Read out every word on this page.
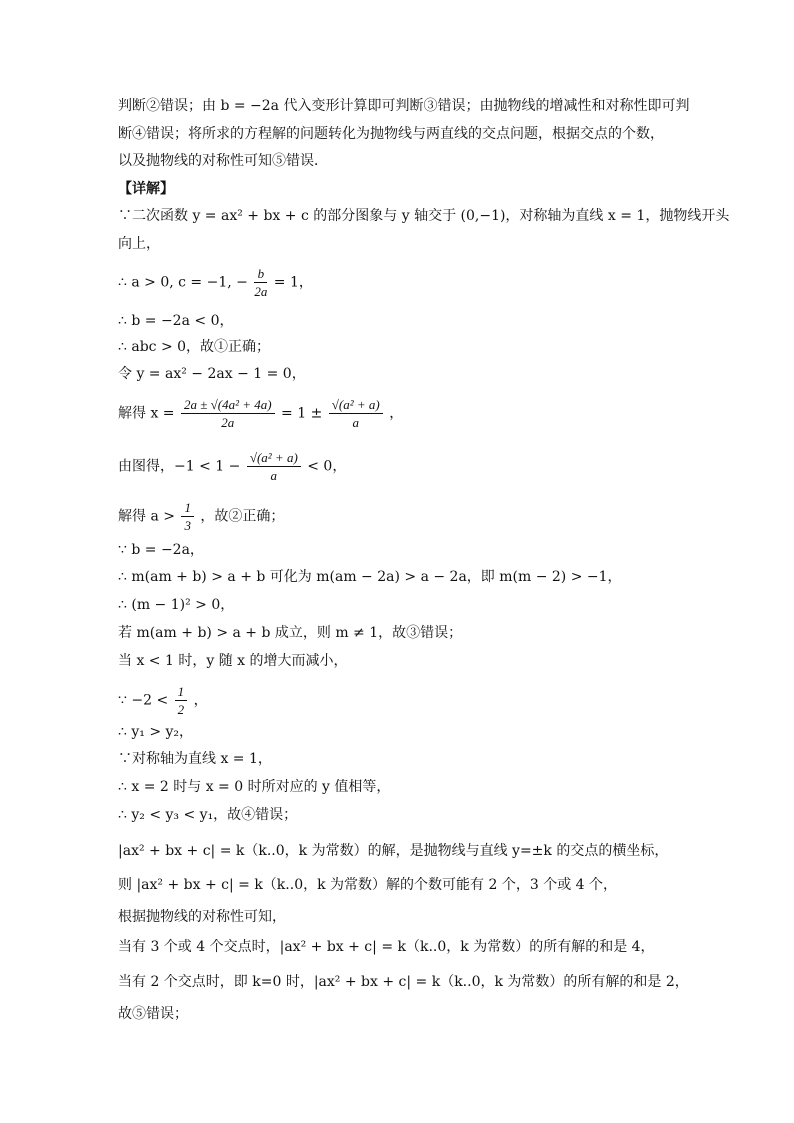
判断②错误；由 b = −2a 代入变形计算即可判断③错误；由抛物线的增减性和对称性即可判
断④错误；将所求的方程解的问题转化为抛物线与两直线的交点问题，根据交点的个数，
以及抛物线的对称性可知⑤错误．
【详解】
∵二次函数 y = ax² + bx + c 的部分图象与 y 轴交于 (0,−1)，对称轴为直线 x = 1，抛物线开头
向上，
∴ a > 0, c = −1, − $\frac{b}{2a} = 1$，
∴ b = −2a < 0，
∴ abc > 0，故①正确；
令 y = ax² − 2ax − 1 = 0，
解得 $x = \frac{\text{2a ± √(4a² + 4a)}}{2a} = 1 \pm \frac{\text{√(a² + a)}}{a}$ ，
由图得，$-1 < 1 - \frac{\text{√(a² + a)}}{a} < 0$，
解得 $a > \frac{1}{3}$ ，故②正确；
∵ b = −2a，
∴ m(am + b) > a + b 可化为 m(am − 2a) > a − 2a，即 m(m − 2) > −1，
∴ (m − 1)² > 0，
若 m(am + b) > a + b 成立，则 m ≠ 1，故③错误；
当 x < 1 时，y 随 x 的增大而减小，
∵ $-2 < \frac{1}{2}$ ，
∴ y₁ > y₂，
∵对称轴为直线 x = 1，
∴ x = 2 时与 x = 0 时所对应的 y 值相等，
∴ y₂ < y₃ < y₁，故④错误；
|ax² + bx + c| = k（k..0，k 为常数）的解，是抛物线与直线 y=±k 的交点的横坐标，
则 |ax² + bx + c| = k（k..0，k 为常数）解的个数可能有 2 个，3 个或 4 个，
根据抛物线的对称性可知，
当有 3 个或 4 个交点时，|ax² + bx + c| = k（k..0，k 为常数）的所有解的和是 4，
当有 2 个交点时，即 k=0 时，|ax² + bx + c| = k（k..0，k 为常数）的所有解的和是 2，
故⑤错误；
